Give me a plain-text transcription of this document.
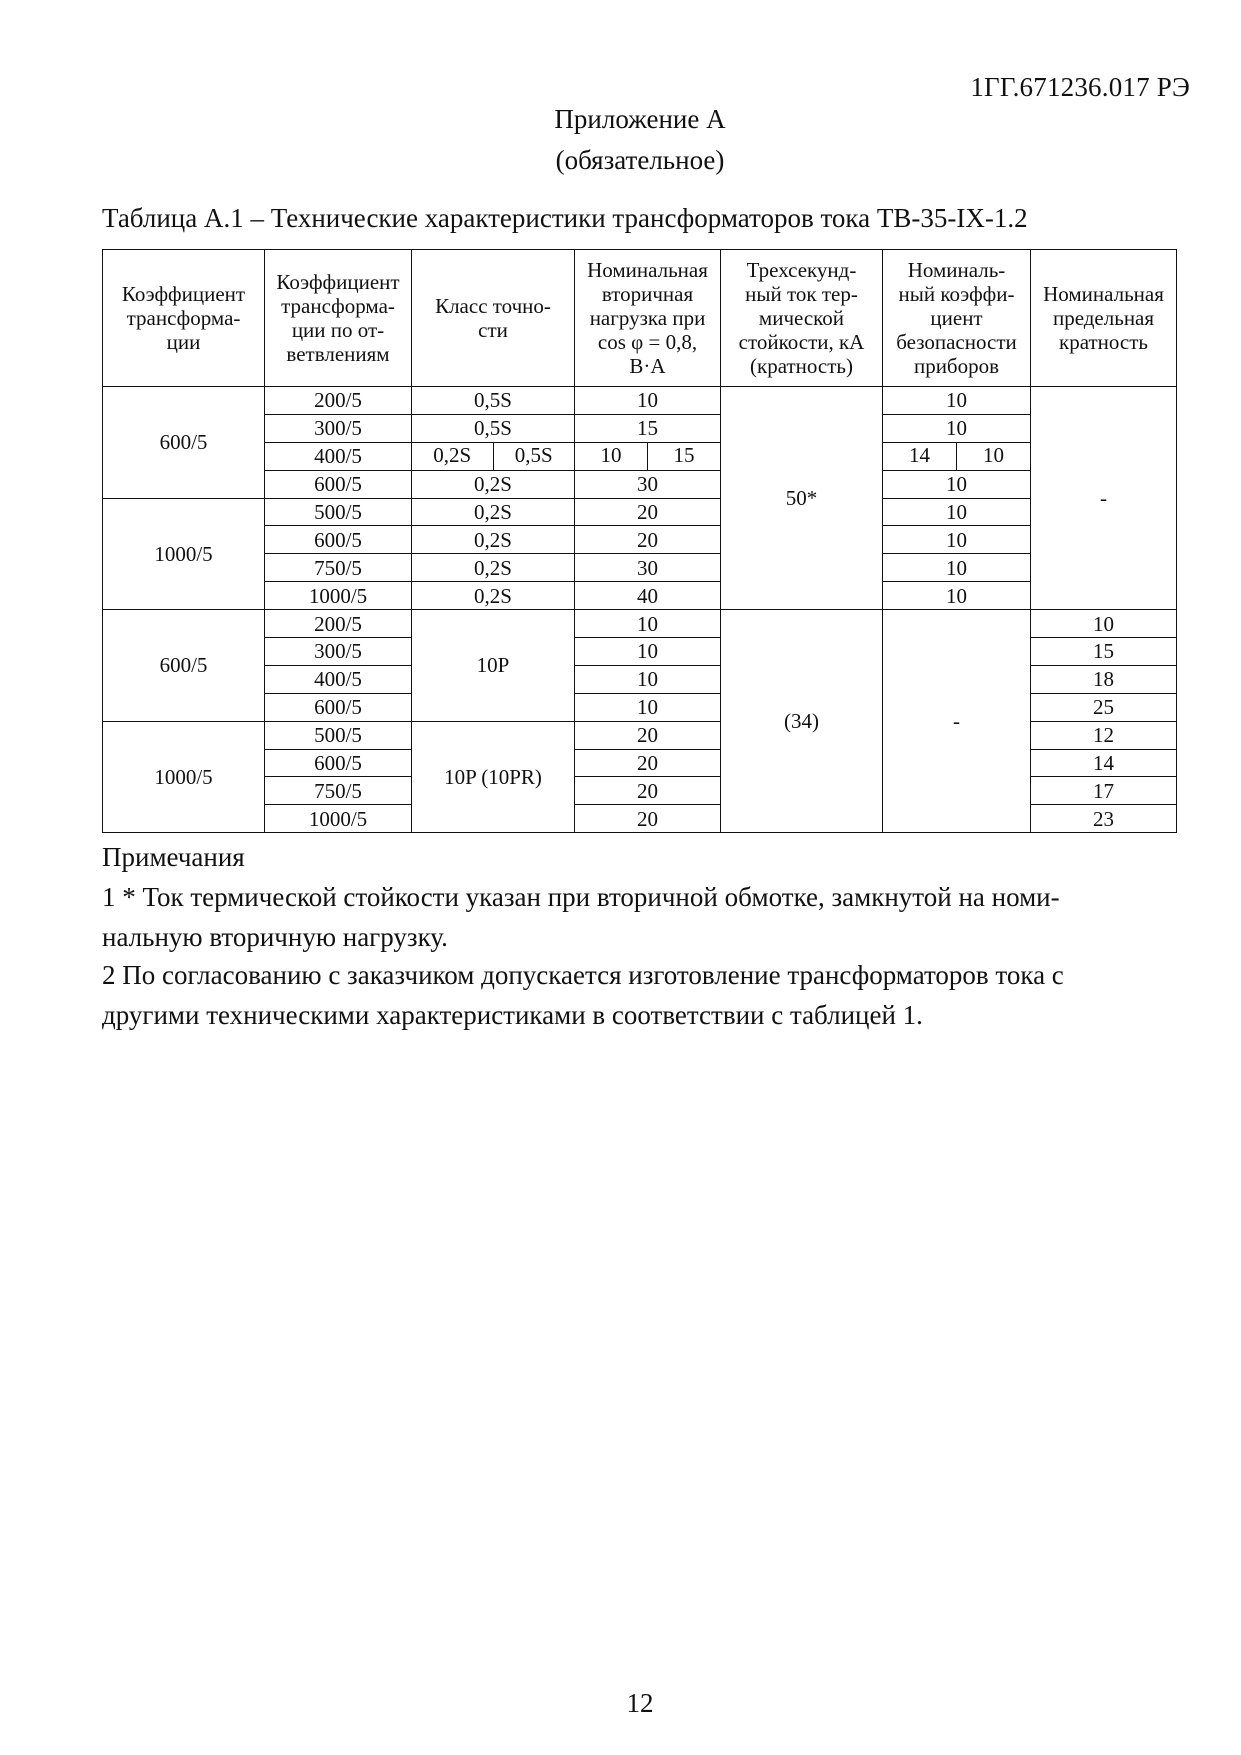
1ГГ.671236.017 РЭ
Приложение А
(обязательное)
Таблица А.1 – Технические характеристики трансформаторов тока ТВ-35-IX-1.2
Коэффициент
трансформа-
ции	Коэффициент
трансформа-
ции по от-
ветвлениям	Класс точно-
сти	Номинальная
вторичная
нагрузка при
cos φ = 0,8,
В·А	Трехсекунд-
ный ток тер-
мической
стойкости, кА
(кратность)	Номиналь-
ный коэффи-
циент
безопасности
приборов	Номинальная
предельная
кратность
600/5	200/5	0,5S	10	50*	10	-
	300/5	0,5S	15		10	
	400/5	0,2S 0,5S	10 15		14 10	

	600/5	0,2S	30		10	
1000/5	500/5	0,2S	20		10	
	600/5	0,2S	20		10	
	750/5	0,2S	30		10	
	1000/5	0,2S	40		10	
600/5	200/5	10P	10	(34)	-	10
	300/5		10			15
	400/5		10			18
	600/5		10			25
1000/5	500/5	10P (10PR)	20			12
	600/5		20			14
	750/5		20			17
	1000/5		20			23
Примечания
1 * Ток термической стойкости указан при вторичной обмотке, замкнутой на номи-
нальную вторичную нагрузку.
2 По согласованию с заказчиком допускается изготовление трансформаторов тока с
другими техническими характеристиками в соответствии с таблицей 1.
12
